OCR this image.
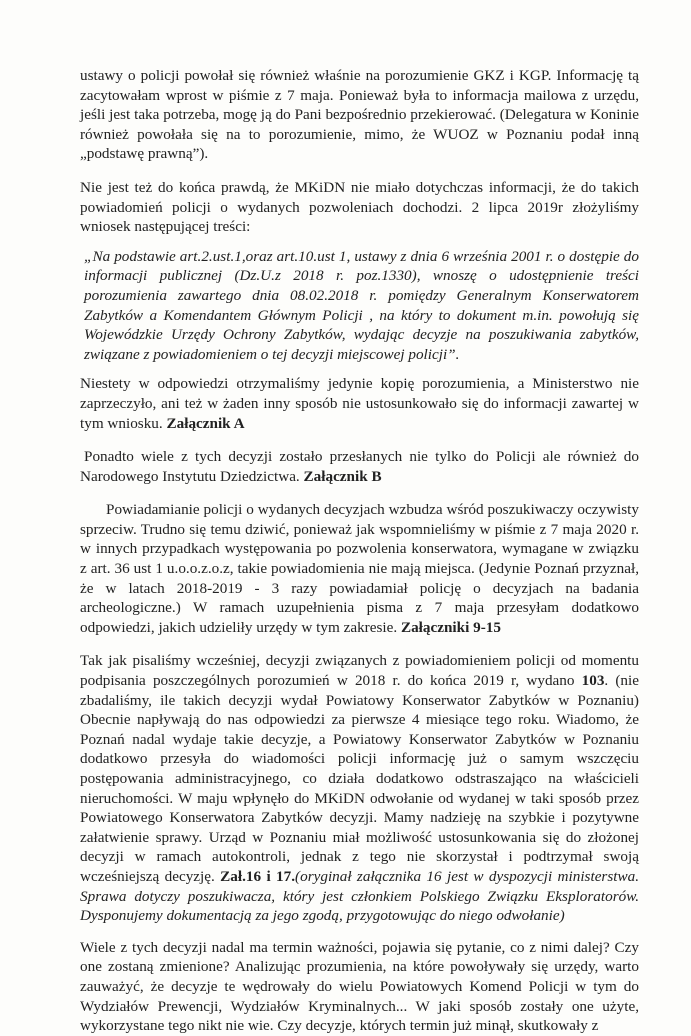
ustawy o policji powołał się również właśnie na porozumienie GKZ i KGP. Informację tą zacytowałam wprost w piśmie z 7 maja. Ponieważ była to informacja mailowa z urzędu, jeśli jest taka potrzeba, mogę ją do Pani bezpośrednio przekierować. (Delegatura w Koninie również powołała się na to porozumienie, mimo, że WUOZ w Poznaniu podał inną „podstawę prawną”).

Nie jest też do końca prawdą, że MKiDN nie miało dotychczas informacji, że do takich powiadomień policji o wydanych pozwoleniach dochodzi. 2 lipca 2019r złożyliśmy wniosek następującej treści:

„Na podstawie art.2.ust.1,oraz art.10.ust 1, ustawy z dnia 6 września 2001 r. o dostępie do informacji publicznej (Dz.U.z 2018 r. poz.1330), wnoszę o udostępnienie treści porozumienia zawartego dnia 08.02.2018 r. pomiędzy Generalnym Konserwatorem Zabytków a Komendantem Głównym Policji , na który to dokument m.in. powołują się Wojewódzkie Urzędy Ochrony Zabytków, wydając decyzje na poszukiwania zabytków, związane z powiadomieniem o tej decyzji miejscowej policji”.

Niestety w odpowiedzi otrzymaliśmy jedynie kopię porozumienia, a Ministerstwo nie zaprzeczyło, ani też w żaden inny sposób nie ustosunkowało się do informacji zawartej w tym wniosku. Załącznik A

Ponadto wiele z tych decyzji zostało przesłanych nie tylko do Policji ale również do Narodowego Instytutu Dziedzictwa. Załącznik B

Powiadamianie policji o wydanych decyzjach wzbudza wśród poszukiwaczy oczywisty sprzeciw. Trudno się temu dziwić, ponieważ jak wspomnieliśmy w piśmie z 7 maja 2020 r. w innych przypadkach występowania po pozwolenia konserwatora, wymagane w związku z art. 36 ust 1 u.o.o.z.o.z, takie powiadomienia nie mają miejsca. (Jedynie Poznań przyznał, że w latach 2018-2019 - 3 razy powiadamiał policję o decyzjach na badania archeologiczne.) W ramach uzupełnienia pisma z 7 maja przesyłam dodatkowo odpowiedzi, jakich udzieliły urzędy w tym zakresie. Załączniki 9-15

Tak jak pisaliśmy wcześniej, decyzji związanych z powiadomieniem policji od momentu podpisania poszczególnych porozumień w 2018 r. do końca 2019 r, wydano 103. (nie zbadaliśmy, ile takich decyzji wydał Powiatowy Konserwator Zabytków w Poznaniu) Obecnie napływają do nas odpowiedzi za pierwsze 4 miesiące tego roku. Wiadomo, że Poznań nadal wydaje takie decyzje, a Powiatowy Konserwator Zabytków w Poznaniu dodatkowo przesyła do wiadomości policji informację już o samym wszczęciu postępowania administracyjnego, co działa dodatkowo odstraszająco na właścicieli nieruchomości. W maju wpłynęło do MKiDN odwołanie od wydanej w taki sposób przez Powiatowego Konserwatora Zabytków decyzji. Mamy nadzieję na szybkie i pozytywne załatwienie sprawy. Urząd w Poznaniu miał możliwość ustosunkowania się do złożonej decyzji w ramach autokontroli, jednak z tego nie skorzystał i podtrzymał swoją wcześniejszą decyzję. Zał.16 i 17.(oryginał załącznika 16 jest w dyspozycji ministerstwa. Sprawa dotyczy poszukiwacza, który jest członkiem Polskiego Związku Eksploratorów. Dysponujemy dokumentacją za jego zgodą, przygotowując do niego odwołanie)

Wiele z tych decyzji nadal ma termin ważności, pojawia się pytanie, co z nimi dalej? Czy one zostaną zmienione? Analizując prozumienia, na które powoływały się urzędy, warto zauważyć, że decyzje te wędrowały do wielu Powiatowych Komend Policji w tym do Wydziałów Prewencji, Wydziałów Kryminalnych... W jaki sposób zostały one użyte, wykorzystane tego nikt nie wie. Czy decyzje, których termin już minął, skutkowały z
